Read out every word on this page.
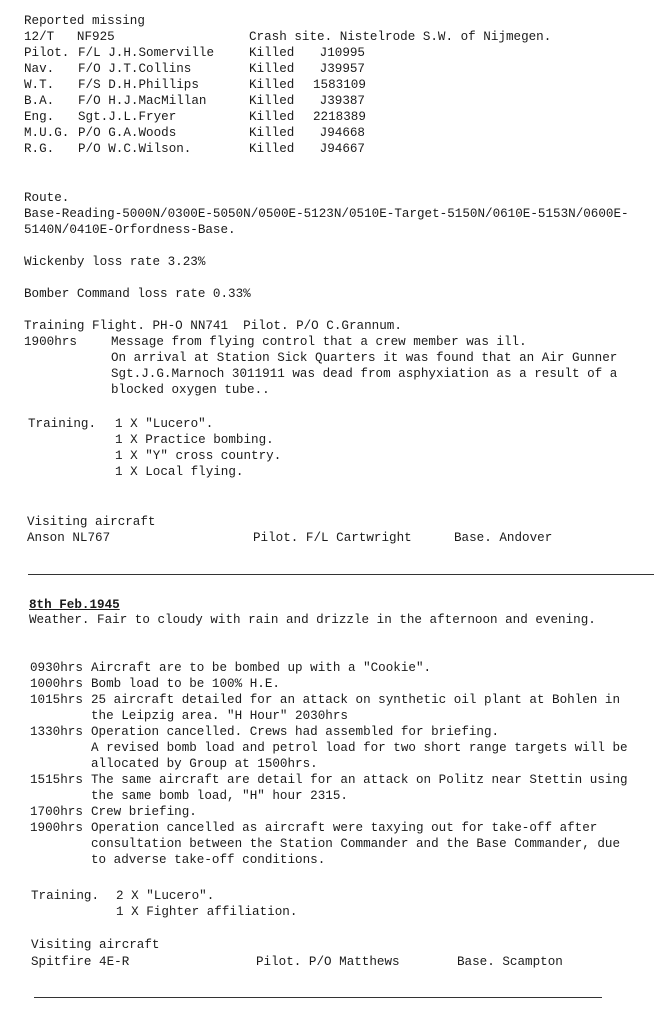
Reported missing
12/T   NF925	Crash site. Nistelrode S.W. of Nijmegen.
Pilot. F/L J.H.Somerville	Killed	J10995
Nav. F/O J.T.Collins	Killed	J39957
W.T. F/S D.H.Phillips	Killed 1583109
B.A. F/O H.J.MacMillan	Killed	J39387
Eng. Sgt.J.L.Fryer	Killed 2218389
M.U.G. P/O G.A.Woods	Killed	J94668
R.G. P/O W.C.Wilson.	Killed	J94667
Route.
Base-Reading-5000N/0300E-5050N/0500E-5123N/0510E-Target-5150N/0610E-5153N/0600E-
5140N/0410E-Orfordness-Base.
Wickenby loss rate 3.23%
Bomber Command loss rate 0.33%
Training Flight. PH-O NN741  Pilot. P/O C.Grannum.
1900hrs	Message from flying control that a crew member was ill.
On arrival at Station Sick Quarters it was found that an Air Gunner
Sgt.J.G.Marnoch 3011911 was dead from asphyxiation as a result of a
blocked oxygen tube..
Training. 1 X "Lucero".
1 X Practice bombing.
1 X "Y" cross country.
1 X Local flying.
Visiting aircraft
Anson NL767	Pilot. F/L Cartwright	Base. Andover
8th Feb.1945
Weather. Fair to cloudy with rain and drizzle in the afternoon and evening.
0930hrs Aircraft are to be bombed up with a "Cookie".
1000hrs Bomb load to be 100% H.E.
1015hrs 25 aircraft detailed for an attack on synthetic oil plant at Bohlen in
the Leipzig area. "H Hour" 2030hrs
1330hrs Operation cancelled. Crews had assembled for briefing.
A revised bomb load and petrol load for two short range targets will be
allocated by Group at 1500hrs.
1515hrs The same aircraft are detail for an attack on Politz near Stettin using
the same bomb load, "H" hour 2315.
1700hrs Crew briefing.
1900hrs Operation cancelled as aircraft were taxying out for take-off after
consultation between the Station Commander and the Base Commander, due
to adverse take-off conditions.
Training. 2 X "Lucero".
1 X Fighter affiliation.
Visiting aircraft
Spitfire 4E-R	Pilot. P/O Matthews	Base. Scampton
